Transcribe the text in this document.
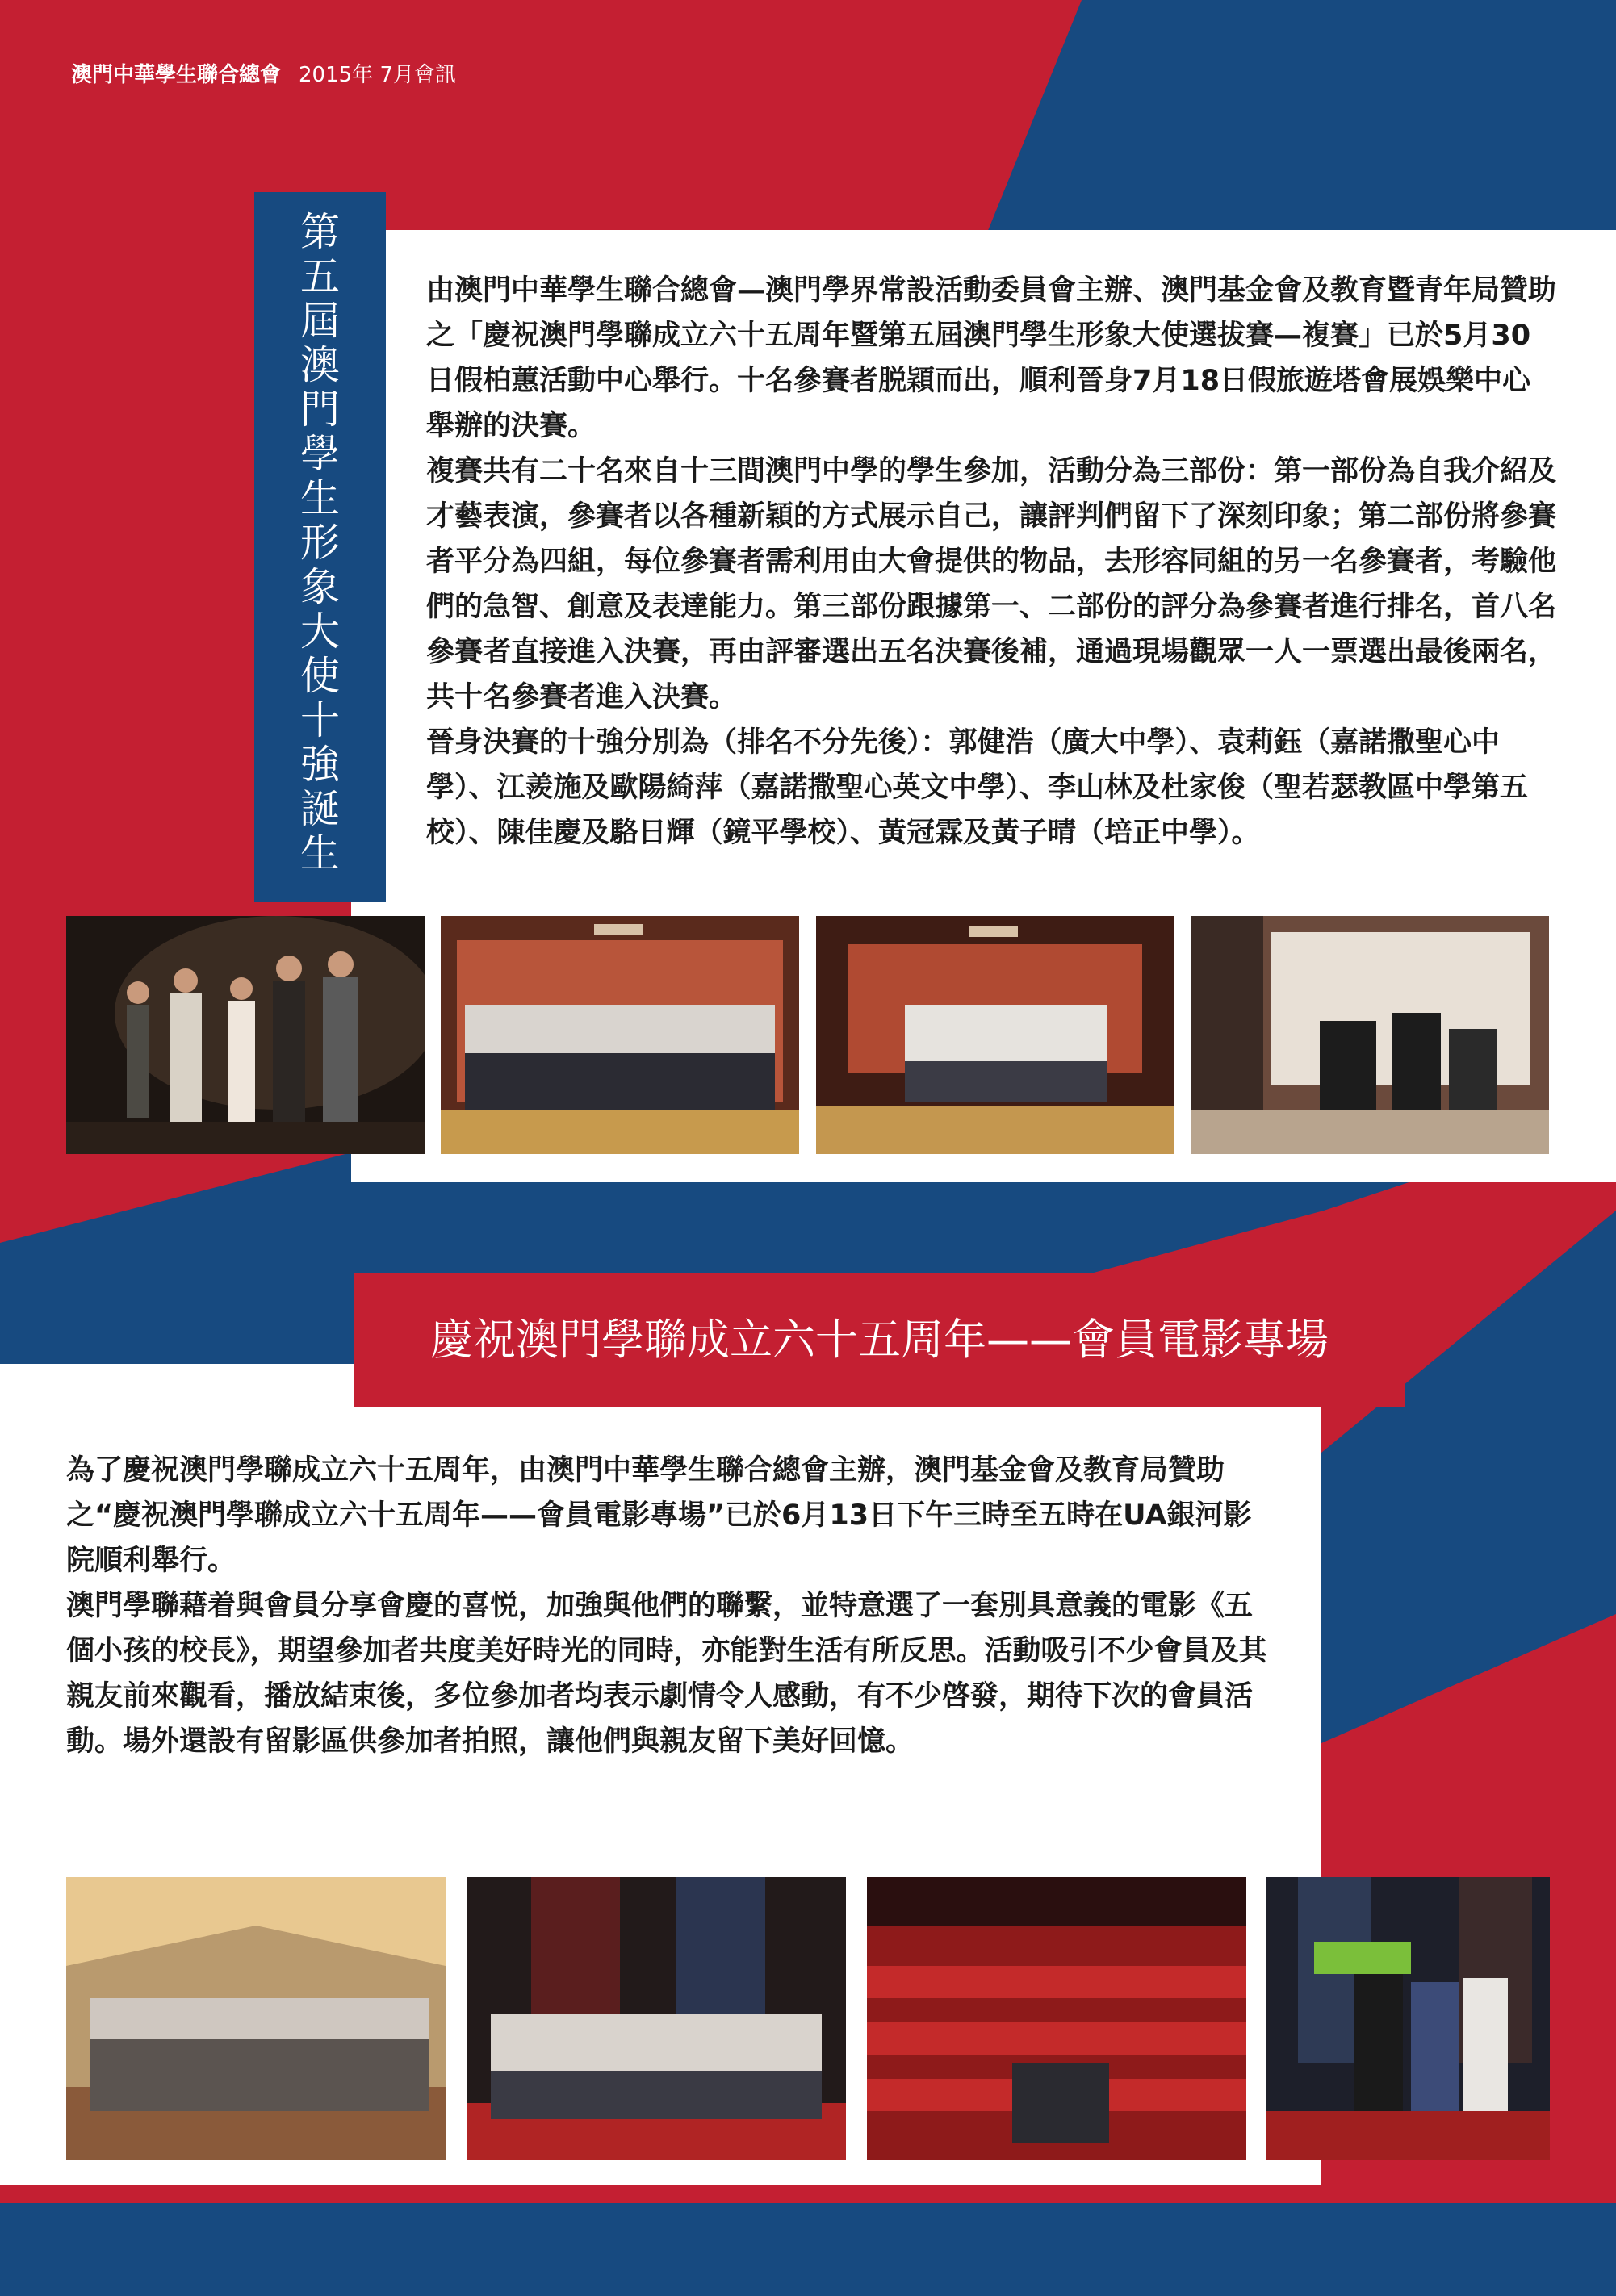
澳門中華學生聯合總會 2015年 7月會訊
第
五
屆
澳
門
學
生
形
象
大
使
十
強
誕
生

由澳門中華學生聯合總會—澳門學界常設活動委員會主辦、澳門基金會及教育暨青年局贊助之「慶祝澳門學聯成立六十五周年暨第五屆澳門學生形象大使選拔賽—複賽」已於5月30日假柏蕙活動中心舉行。十名參賽者脱穎而出，順利晉身7月18日假旅遊塔會展娛樂中心舉辦的決賽。

複賽共有二十名來自十三間澳門中學的學生參加，活動分為三部份：第一部份為自我介紹及才藝表演，參賽者以各種新穎的方式展示自己，讓評判們留下了深刻印象；第二部份將參賽者平分為四組，每位參賽者需利用由大會提供的物品，去形容同組的另一名參賽者，考驗他們的急智、創意及表達能力。第三部份跟據第一、二部份的評分為參賽者進行排名，首八名參賽者直接進入決賽，再由評審選出五名決賽後補，通過現場觀眾一人一票選出最後兩名，共十名參賽者進入決賽。

晉身決賽的十強分別為（排名不分先後）：郭健浩（廣大中學）、袁莉鈺（嘉諾撒聖心中學）、江羨施及歐陽綺萍（嘉諾撒聖心英文中學）、李山林及杜家俊（聖若瑟教區中學第五校）、陳佳慶及駱日輝（鏡平學校）、黃冠霖及黃子晴（培正中學）。

慶祝澳門學聯成立六十五周年——會員電影專場

為了慶祝澳門學聯成立六十五周年，由澳門中華學生聯合總會主辦，澳門基金會及教育局贊助之“慶祝澳門學聯成立六十五周年——會員電影專場”已於6月13日下午三時至五時在UA銀河影院順利舉行。

澳門學聯藉着與會員分享會慶的喜悦，加強與他們的聯繫，並特意選了一套別具意義的電影《五個小孩的校長》，期望參加者共度美好時光的同時，亦能對生活有所反思。活動吸引不少會員及其親友前來觀看，播放結束後，多位參加者均表示劇情令人感動，有不少啓發，期待下次的會員活動。場外還設有留影區供參加者拍照，讓他們與親友留下美好回憶。
